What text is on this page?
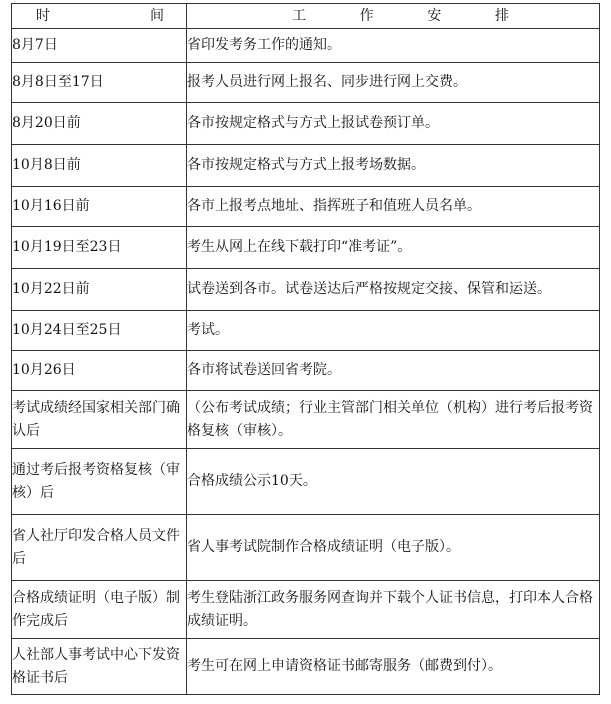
时 间	工 作 安 排

8月7日	省印发考务工作的通知。
8月8日至17日	报考人员进行网上报名、同步进行网上交费。
8月20日前	各市按规定格式与方式上报试卷预订单。
10月8日前	各市按规定格式与方式上报考场数据。
10月16日前	各市上报考点地址、指挥班子和值班人员名单。
10月19日至23日	考生从网上在线下载打印“准考证”。
10月22日前	试卷送到各市。试卷送达后严格按规定交接、保管和运送。
10月24日至25日	考试。
10月26日	各市将试卷送回省考院。
考试成绩经国家相关部门确认后	（公布考试成绩；行业主管部门相关单位（机构）进行考后报考资格复核（审核）。
通过考后报考资格复核（审核）后	合格成绩公示10天。
省人社厅印发合格人员文件后	省人事考试院制作合格成绩证明（电子版）。
合格成绩证明（电子版）制作完成后	考生登陆浙江政务服务网查询并下载个人证书信息，打印本人合格成绩证明。
人社部人事考试中心下发资格证书后	考生可在网上申请资格证书邮寄服务（邮费到付）。
